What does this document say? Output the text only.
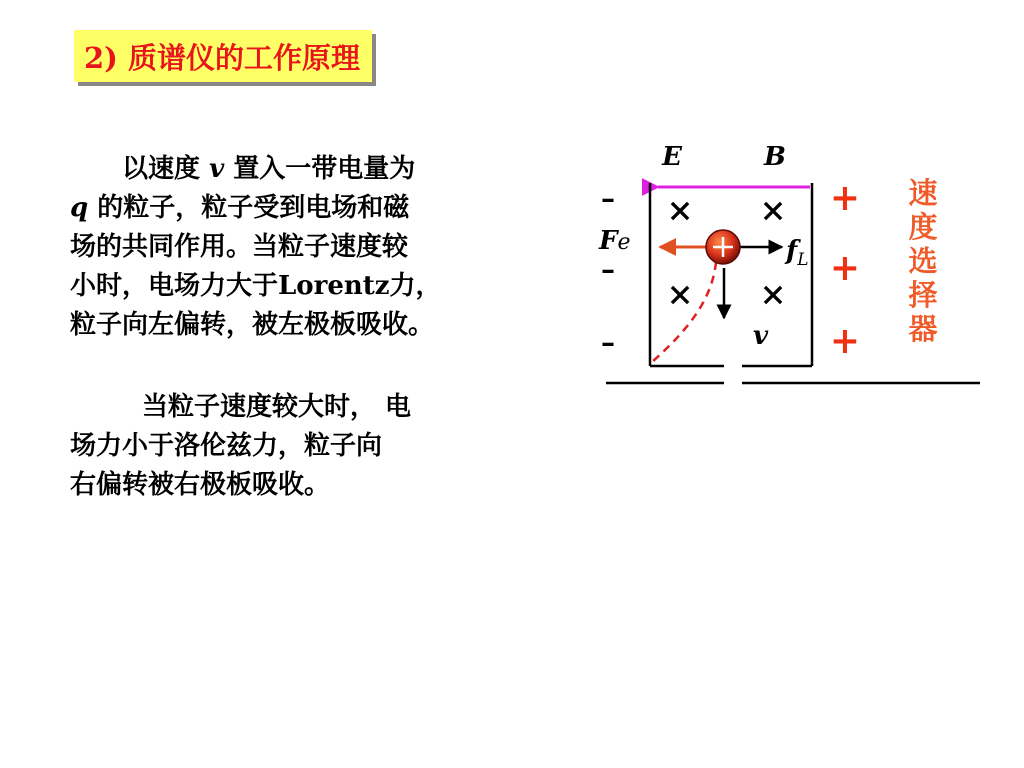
2) 质谱仪的工作原理
以速度 v 置入一带电量为
q 的粒子，粒子受到电场和磁
场的共同作用。当粒子速度较
小时，电场力大于Lorentz力，
粒子向左偏转，被左极板吸收。
当粒子速度较大时， 电
场力小于洛伦兹力，粒子向
右偏转被右极板吸收。
E	B
× ×
× ×
–
–
–
+
+
+
Fe	$f_L$
v
速
度
选
择
器
